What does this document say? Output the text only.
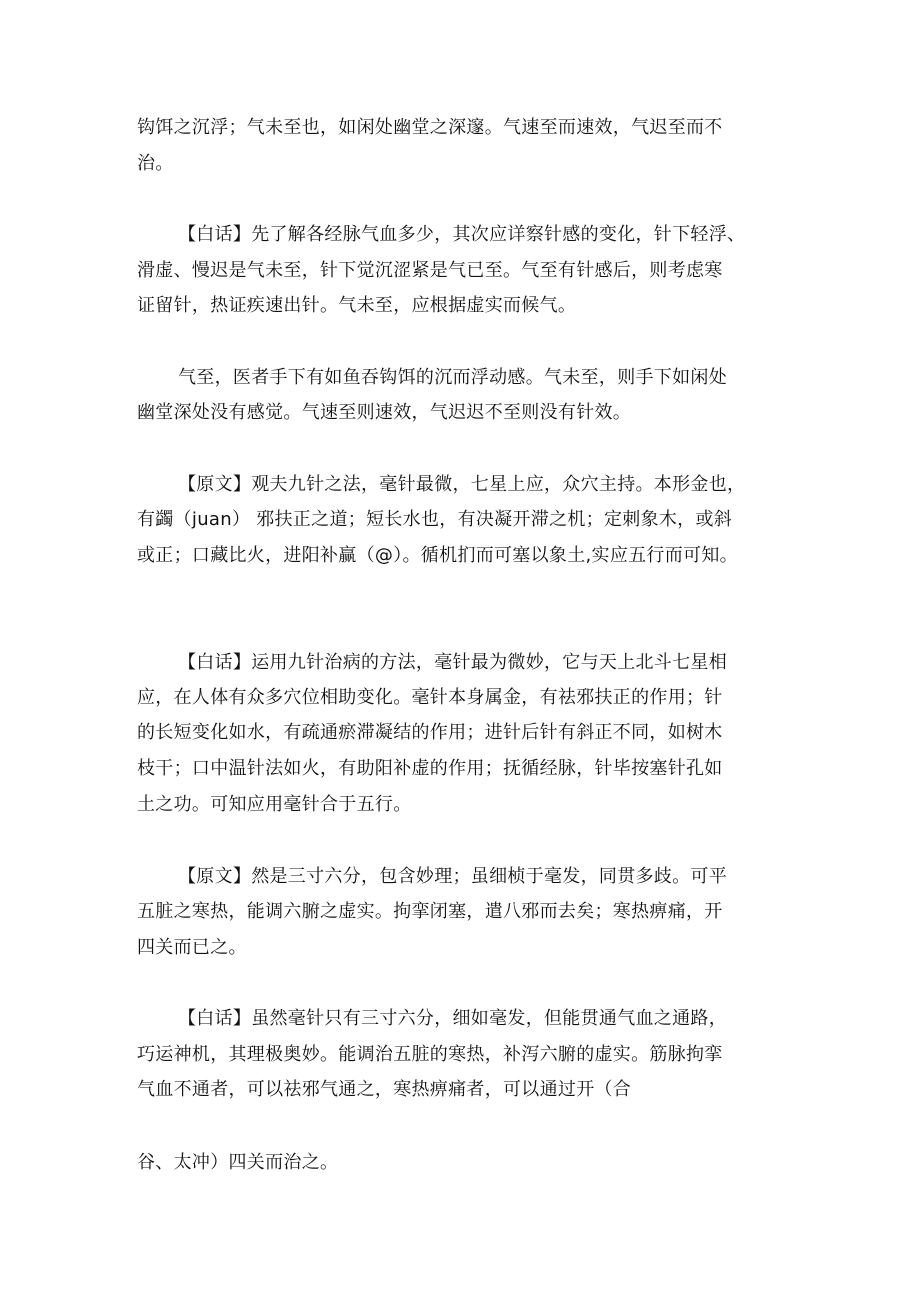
钩饵之沉浮；气未至也，如闲处幽堂之深邃。气速至而速效，气迟至而不
治。
【白话】先了解各经脉气血多少，其次应详察针感的变化，针下轻浮、
滑虚、慢迟是气未至，针下觉沉涩紧是气已至。气至有针感后，则考虑寒
证留针，热证疾速出针。气未至，应根据虚实而候气。
气至，医者手下有如鱼吞钩饵的沉而浮动感。气未至，则手下如闲处
幽堂深处没有感觉。气速至则速效，气迟迟不至则没有针效。
【原文】观夫九针之法，毫针最微，七星上应，众穴主持。本形金也，
有蠲（juan） 邪扶正之道；短长水也，有决凝开滞之机；定刺象木，或斜
或正；口藏比火，进阳补赢（@）。循机扪而可塞以象土,实应五行而可知。
【白话】运用九针治病的方法，毫针最为微妙，它与天上北斗七星相
应，在人体有众多穴位相助变化。毫针本身属金，有祛邪扶正的作用；针
的长短变化如水，有疏通瘀滞凝结的作用；进针后针有斜正不同，如树木
枝干；口中温针法如火，有助阳补虚的作用；抚循经脉，针毕按塞针孔如
土之功。可知应用毫针合于五行。
【原文】然是三寸六分，包含妙理；虽细桢于毫发，同贯多歧。可平
五脏之寒热，能调六腑之虚实。拘挛闭塞，遣八邪而去矣；寒热痹痛，开
四关而已之。
【白话】虽然毫针只有三寸六分，细如毫发，但能贯通气血之通路，
巧运神机，其理极奥妙。能调治五脏的寒热，补泻六腑的虚实。筋脉拘挛
气血不通者，可以祛邪气通之，寒热痹痛者，可以通过开（合
谷、太冲）四关而治之。
